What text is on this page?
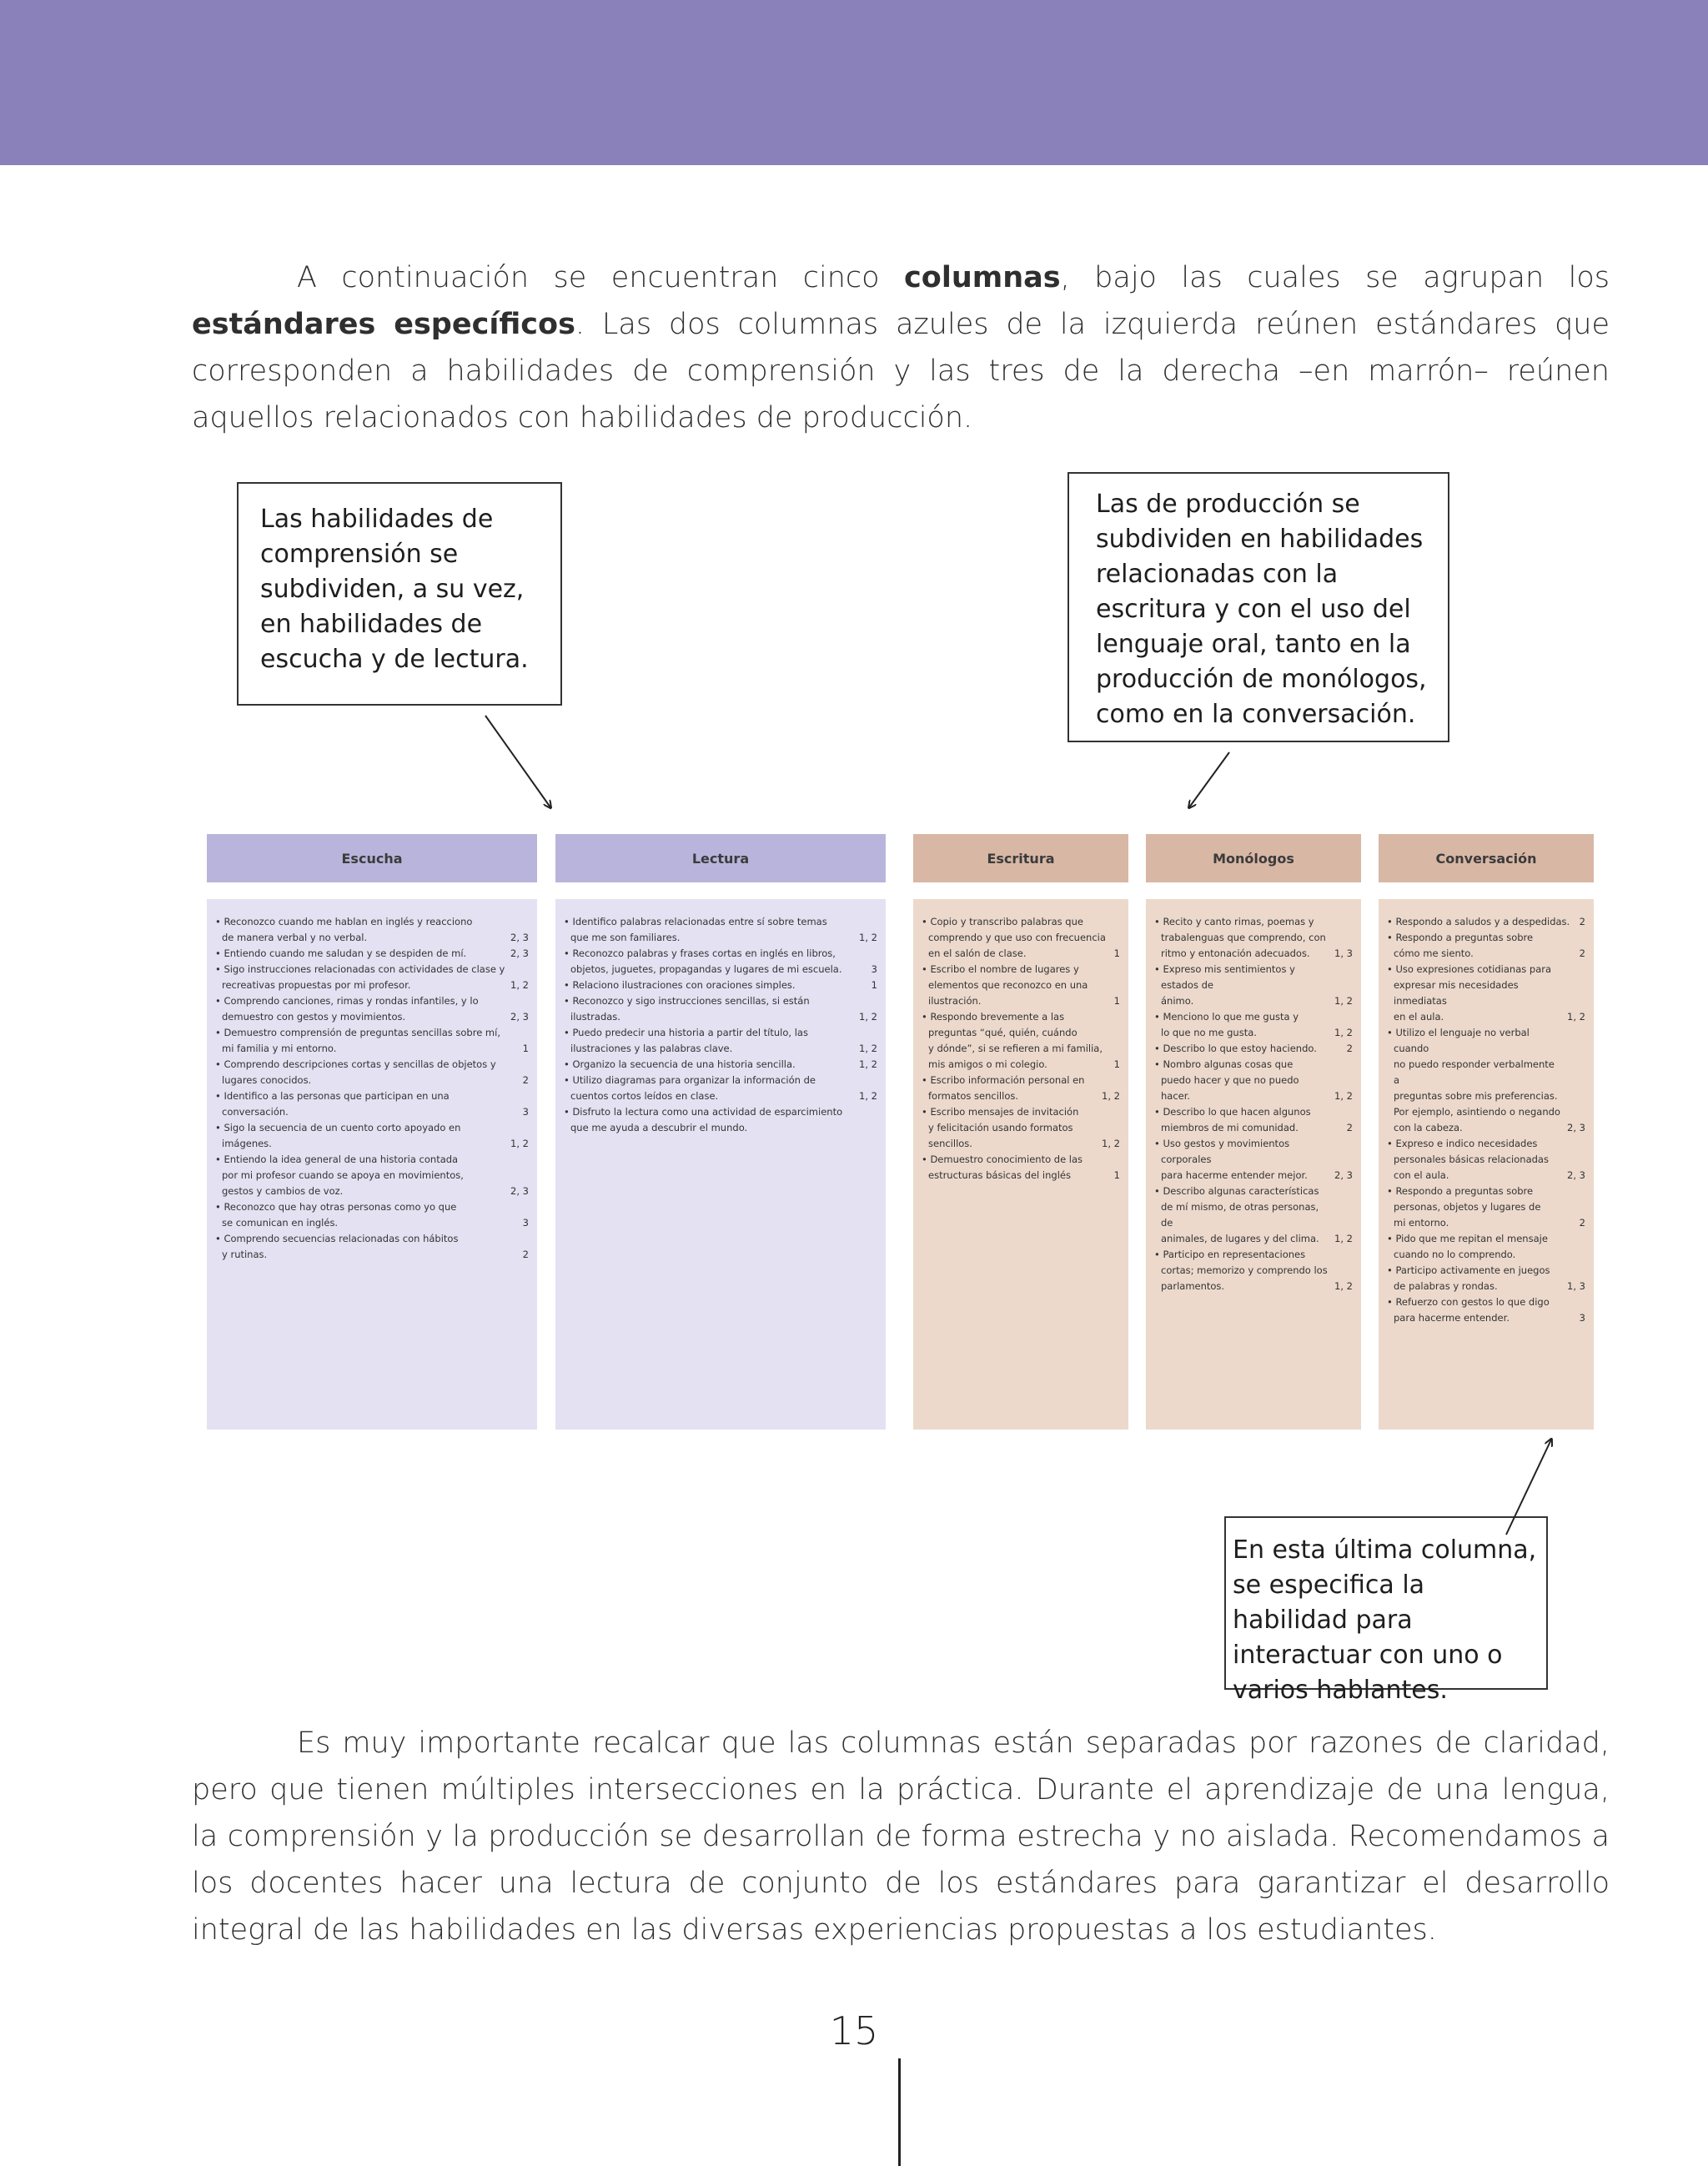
A continuación se encuentran cinco columnas, bajo las cuales se agrupan los estándares específicos. Las dos columnas azules de la izquierda reúnen estándares que corresponden a habilidades de comprensión y las tres de la derecha –en marrón– reúnen aquellos relacionados con habilidades de producción.

Las habilidades de comprensión se subdividen, a su vez, en habilidades de escucha y de lectura.
Las de producción se subdividen en habilidades relacionadas con la escritura y con el uso del lenguaje oral, tanto en la producción de monólogos, como en la conversación.
En esta última columna, se especifica la habilidad para interactuar con uno o varios hablantes.
Escucha
• Reconozco cuando me hablan en inglés y reacciono
de manera verbal y no verbal.	2, 3
• Entiendo cuando me saludan y se despiden de mí.	2, 3
• Sigo instrucciones relacionadas con actividades de clase y
recreativas propuestas por mi profesor.	1, 2
• Comprendo canciones, rimas y rondas infantiles, y lo
demuestro con gestos y movimientos.	2, 3
• Demuestro comprensión de preguntas sencillas sobre mí,
mi familia y mi entorno.	1
• Comprendo descripciones cortas y sencillas de objetos y
lugares conocidos.	2
• Identifico a las personas que participan en una
conversación.	3
• Sigo la secuencia de un cuento corto apoyado en
imágenes.	1, 2
• Entiendo la idea general de una historia contada
por mi profesor cuando se apoya en movimientos,
gestos y cambios de voz.	2, 3
• Reconozco que hay otras personas como yo que
se comunican en inglés.	3
• Comprendo secuencias relacionadas con hábitos
y rutinas.	2
Lectura
• Identifico palabras relacionadas entre sí sobre temas
que me son familiares.	1, 2
• Reconozco palabras y frases cortas en inglés en libros,
objetos, juguetes, propagandas y lugares de mi escuela.	3
• Relaciono ilustraciones con oraciones simples.	1
• Reconozco y sigo instrucciones sencillas, si están
ilustradas.	1, 2
• Puedo predecir una historia a partir del título, las
ilustraciones y las palabras clave.	1, 2
• Organizo la secuencia de una historia sencilla.	1, 2
• Utilizo diagramas para organizar la información de
cuentos cortos leídos en clase.	1, 2
• Disfruto la lectura como una actividad de esparcimiento
que me ayuda a descubrir el mundo.
Escritura
• Copio y transcribo palabras que
comprendo y que uso con frecuencia
en el salón de clase.	1
• Escribo el nombre de lugares y
elementos que reconozco en una
ilustración.	1
• Respondo brevemente a las
preguntas “qué, quién, cuándo
y dónde”, si se refieren a mi familia,
mis amigos o mi colegio.	1
• Escribo información personal en
formatos sencillos.	1, 2
• Escribo mensajes de invitación
y felicitación usando formatos
sencillos.	1, 2
• Demuestro conocimiento de las
estructuras básicas del inglés	1
Monólogos
• Recito y canto rimas, poemas y
trabalenguas que comprendo, con
ritmo y entonación adecuados.	1, 3
• Expreso mis sentimientos y estados de
ánimo.	1, 2
• Menciono lo que me gusta y
lo que no me gusta.	1, 2
• Describo lo que estoy haciendo.	2
• Nombro algunas cosas que
puedo hacer y que no puedo hacer.	1, 2
• Describo lo que hacen algunos
miembros de mi comunidad.	2
• Uso gestos y movimientos corporales
para hacerme entender mejor.	2, 3
• Describo algunas características
de mí mismo, de otras personas, de
animales, de lugares y del clima.	1, 2
• Participo en representaciones
cortas; memorizo y comprendo los
parlamentos.	1, 2
Conversación
• Respondo a saludos y a despedidas. 2
• Respondo a preguntas sobre
cómo me siento.	2
• Uso expresiones cotidianas para
expresar mis necesidades inmediatas
en el aula.	1, 2
• Utilizo el lenguaje no verbal cuando
no puedo responder verbalmente a
preguntas sobre mis preferencias.
Por ejemplo, asintiendo o negando
con la cabeza.	2, 3
• Expreso e indico necesidades
personales básicas relacionadas
con el aula.	2, 3
• Respondo a preguntas sobre
personas, objetos y lugares de
mi entorno.	2
• Pido que me repitan el mensaje
cuando no lo comprendo.
• Participo activamente en juegos
de palabras y rondas.	1, 3
• Refuerzo con gestos lo que digo
para hacerme entender.	3

Es muy importante recalcar que las columnas están separadas por razones de claridad, pero que tienen múltiples intersecciones en la práctica. Durante el aprendizaje de una lengua, la comprensión y la producción se desarrollan de forma estrecha y no aislada. Recomendamos a los docentes hacer una lectura de conjunto de los estándares para garantizar el desarrollo integral de las habilidades en las diversas experiencias propuestas a los estudiantes.

15
